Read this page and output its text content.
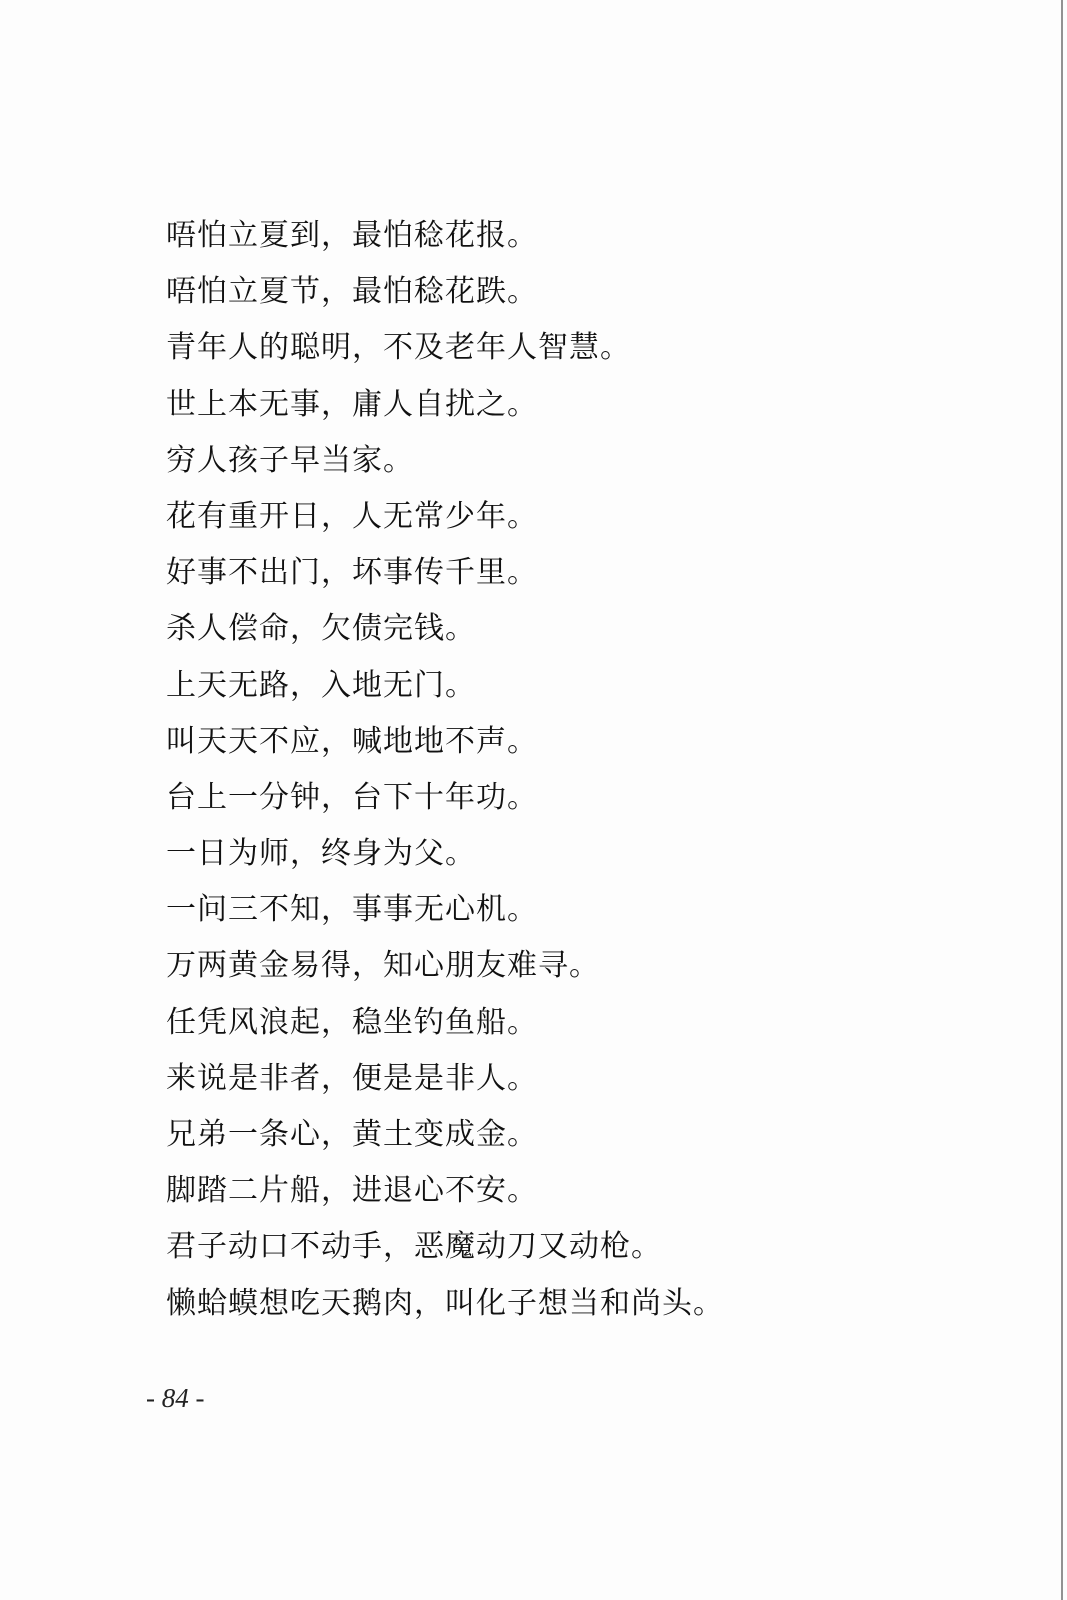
唔怕立夏到，最怕稔花报。
唔怕立夏节，最怕稔花跌。
青年人的聪明，不及老年人智慧。
世上本无事，庸人自扰之。
穷人孩子早当家。
花有重开日，人无常少年。
好事不出门，坏事传千里。
杀人偿命，欠债完钱。
上天无路，入地无门。
叫天天不应，喊地地不声。
台上一分钟，台下十年功。
一日为师，终身为父。
一问三不知，事事无心机。
万两黄金易得，知心朋友难寻。
任凭风浪起，稳坐钓鱼船。
来说是非者，便是是非人。
兄弟一条心，黄土变成金。
脚踏二片船，进退心不安。
君子动口不动手，恶魔动刀又动枪。
懒蛤蟆想吃天鹅肉，叫化子想当和尚头。
- 84 -
